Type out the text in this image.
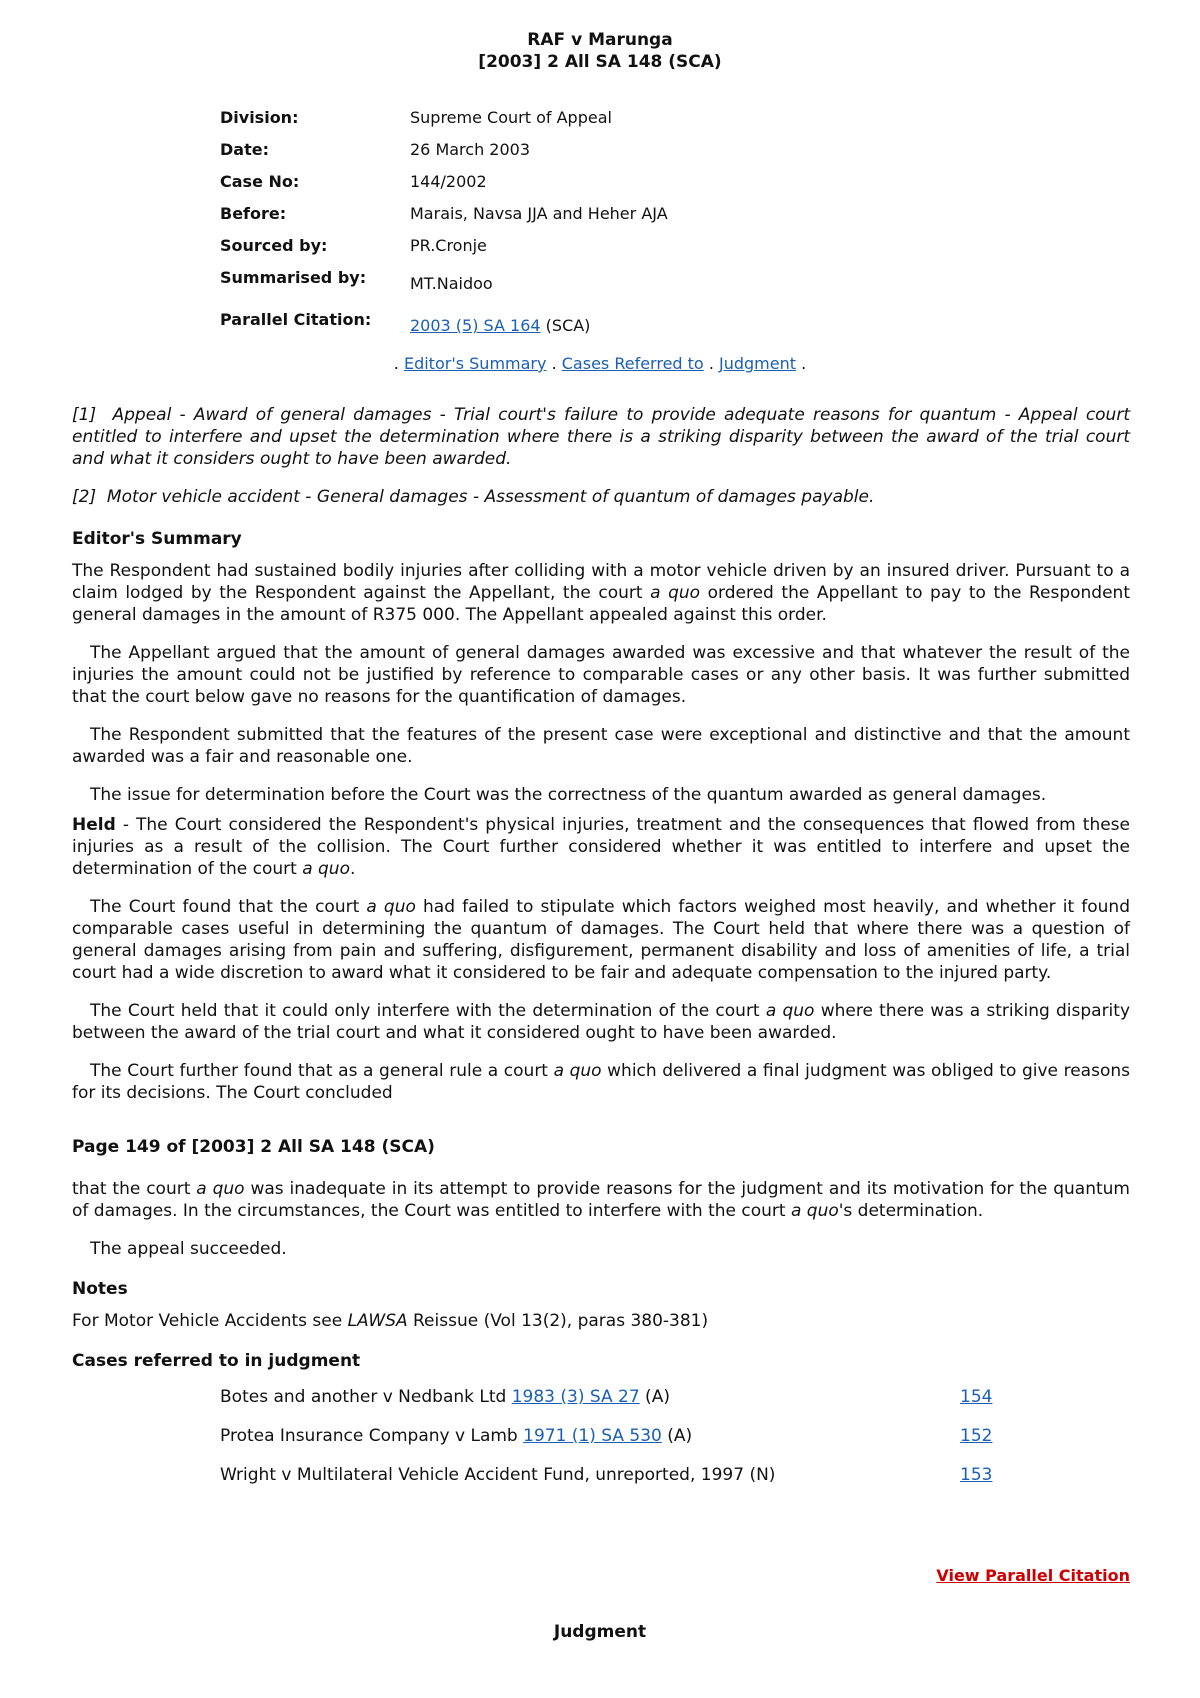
RAF v Marunga
[2003] 2 All SA 148 (SCA)
Division:	Supreme Court of Appeal
Date:	26 March 2003
Case No:	144/2002
Before:	Marais, Navsa JJA and Heher AJA
Sourced by:	PR.Cronje
Summarised by:	MT.Naidoo
Parallel Citation:	2003 (5) SA 164 (SCA)
. Editor's Summary . Cases Referred to . Judgment .

[1] Appeal - Award of general damages - Trial court's failure to provide adequate reasons for quantum - Appeal court entitled to interfere and upset the determination where there is a striking disparity between the award of the trial court and what it considers ought to have been awarded.

[2] Motor vehicle accident - General damages - Assessment of quantum of damages payable.

Editor's Summary

The Respondent had sustained bodily injuries after colliding with a motor vehicle driven by an insured driver. Pursuant to a claim lodged by the Respondent against the Appellant, the court a quo ordered the Appellant to pay to the Respondent general damages in the amount of R375 000. The Appellant appealed against this order.

The Appellant argued that the amount of general damages awarded was excessive and that whatever the result of the injuries the amount could not be justified by reference to comparable cases or any other basis. It was further submitted that the court below gave no reasons for the quantification of damages.

The Respondent submitted that the features of the present case were exceptional and distinctive and that the amount awarded was a fair and reasonable one.

The issue for determination before the Court was the correctness of the quantum awarded as general damages.

Held - The Court considered the Respondent's physical injuries, treatment and the consequences that flowed from these injuries as a result of the collision. The Court further considered whether it was entitled to interfere and upset the determination of the court a quo.

The Court found that the court a quo had failed to stipulate which factors weighed most heavily, and whether it found comparable cases useful in determining the quantum of damages. The Court held that where there was a question of general damages arising from pain and suffering, disfigurement, permanent disability and loss of amenities of life, a trial court had a wide discretion to award what it considered to be fair and adequate compensation to the injured party.

The Court held that it could only interfere with the determination of the court a quo where there was a striking disparity between the award of the trial court and what it considered ought to have been awarded.

The Court further found that as a general rule a court a quo which delivered a final judgment was obliged to give reasons for its decisions. The Court concluded

Page 149 of [2003] 2 All SA 148 (SCA)

that the court a quo was inadequate in its attempt to provide reasons for the judgment and its motivation for the quantum of damages. In the circumstances, the Court was entitled to interfere with the court a quo's determination.

The appeal succeeded.

Notes

For Motor Vehicle Accidents see LAWSA Reissue (Vol 13(2), paras 380-381)

Cases referred to in judgment
Botes and another v Nedbank Ltd 1983 (3) SA 27 (A)	154
Protea Insurance Company v Lamb 1971 (1) SA 530 (A)	152
Wright v Multilateral Vehicle Accident Fund, unreported, 1997 (N)	153
View Parallel Citation
Judgment
